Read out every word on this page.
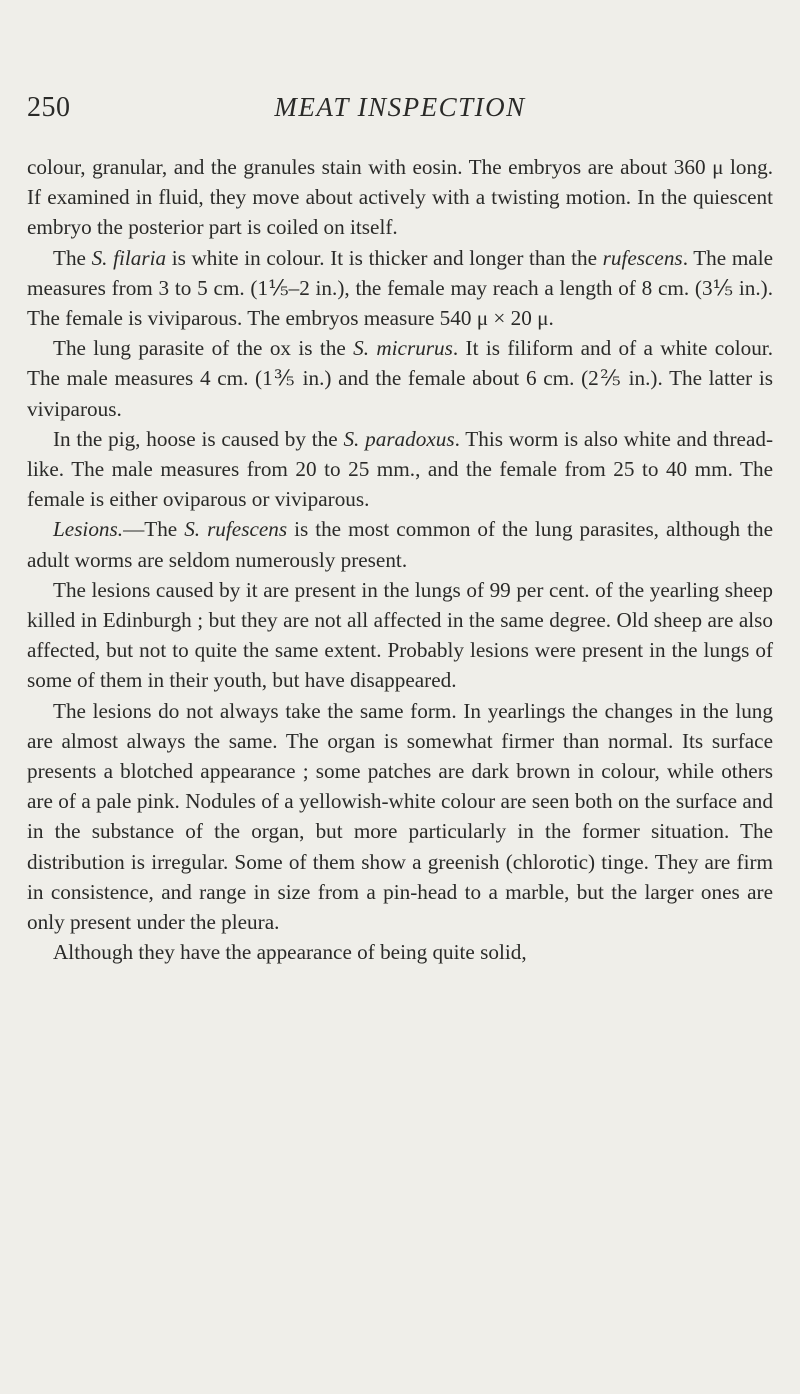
250	MEAT INSPECTION

colour, granular, and the granules stain with eosin. The embryos are about 360 μ long. If examined in fluid, they move about actively with a twisting motion. In the quiescent embryo the posterior part is coiled on itself.

The S. filaria is white in colour. It is thicker and longer than the rufescens. The male measures from 3 to 5 cm. (1⅕–2 in.), the female may reach a length of 8 cm. (3⅕ in.). The female is viviparous. The embryos measure 540 μ × 20 μ.

The lung parasite of the ox is the S. micrurus. It is filiform and of a white colour. The male measures 4 cm. (1⅗ in.) and the female about 6 cm. (2⅖ in.). The latter is viviparous.

In the pig, hoose is caused by the S. paradoxus. This worm is also white and thread-like. The male measures from 20 to 25 mm., and the female from 25 to 40 mm. The female is either oviparous or viviparous.

Lesions.—The S. rufescens is the most common of the lung parasites, although the adult worms are seldom numerously present.

The lesions caused by it are present in the lungs of 99 per cent. of the yearling sheep killed in Edinburgh ; but they are not all affected in the same degree. Old sheep are also affected, but not to quite the same extent. Probably lesions were present in the lungs of some of them in their youth, but have disappeared.

The lesions do not always take the same form. In yearlings the changes in the lung are almost always the same. The organ is somewhat firmer than normal. Its surface presents a blotched appearance ; some patches are dark brown in colour, while others are of a pale pink. Nodules of a yellowish-white colour are seen both on the surface and in the substance of the organ, but more particularly in the former situation. The distribution is irregular. Some of them show a greenish (chlorotic) tinge. They are firm in consistence, and range in size from a pin-head to a marble, but the larger ones are only present under the pleura.

Although they have the appearance of being quite solid,
